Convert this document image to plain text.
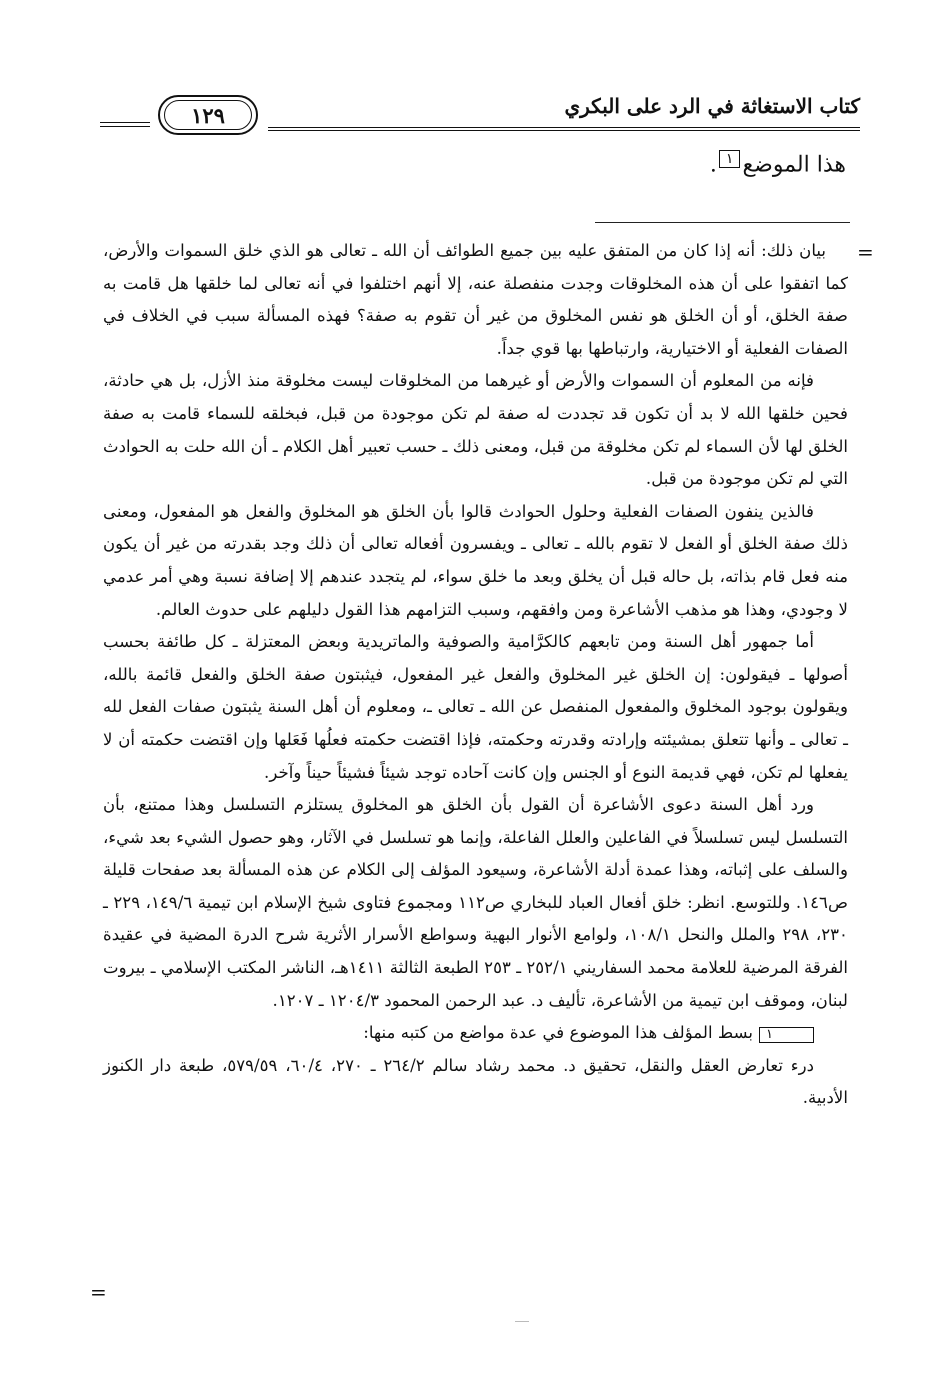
كتاب الاستغاثة في الرد على البكري
١٢٩
هذا الموضع١.
=
=

بيان ذلك: أنه إذا كان من المتفق عليه بين جميع الطوائف أن الله ـ تعالى هو الذي خلق السموات والأرض، كما اتفقوا على أن هذه المخلوقات وجدت منفصلة عنه، إلا أنهم اختلفوا في أنه تعالى لما خلقها هل قامت به صفة الخلق، أو أن الخلق هو نفس المخلوق من غير أن تقوم به صفة؟ فهذه المسألة سبب في الخلاف في الصفات الفعلية أو الاختيارية، وارتباطها بها قوي جداً.

فإنه من المعلوم أن السموات والأرض أو غيرهما من المخلوقات ليست مخلوقة منذ الأزل، بل هي حادثة، فحين خلقها الله لا بد أن تكون قد تجددت له صفة لم تكن موجودة من قبل، فبخلقه للسماء قامت به صفة الخلق لها لأن السماء لم تكن مخلوقة من قبل، ومعنى ذلك ـ حسب تعبير أهل الكلام ـ أن الله حلت به الحوادث التي لم تكن موجودة من قبل.

فالذين ينفون الصفات الفعلية وحلول الحوادث قالوا بأن الخلق هو المخلوق والفعل هو المفعول، ومعنى ذلك صفة الخلق أو الفعل لا تقوم بالله ـ تعالى ـ ويفسرون أفعاله تعالى أن ذلك وجد بقدرته من غير أن يكون منه فعل قام بذاته، بل حاله قبل أن يخلق وبعد ما خلق سواء، لم يتجدد عندهم إلا إضافة نسبة وهي أمر عدمي لا وجودي، وهذا هو مذهب الأشاعرة ومن وافقهم، وسبب التزامهم هذا القول دليلهم على حدوث العالم.

أما جمهور أهل السنة ومن تابعهم كالكرَّامية والصوفية والماتريدية وبعض المعتزلة ـ كل طائفة بحسب أصولها ـ فيقولون: إن الخلق غير المخلوق والفعل غير المفعول، فيثبتون صفة الخلق والفعل قائمة بالله، ويقولون بوجود المخلوق والمفعول المنفصل عن الله ـ تعالى ـ، ومعلوم أن أهل السنة يثبتون صفات الفعل لله ـ تعالى ـ وأنها تتعلق بمشيئته وإرادته وقدرته وحكمته، فإذا اقتضت حكمته فعلُها فَعَلها وإن اقتضت حكمته أن لا يفعلها لم تكن، فهي قديمة النوع أو الجنس وإن كانت آحاده توجد شيئاً فشيئاً حيناً وآخر.

ورد أهل السنة دعوى الأشاعرة أن القول بأن الخلق هو المخلوق يستلزم التسلسل وهذا ممتنع، بأن التسلسل ليس تسلسلاً في الفاعلين والعلل الفاعلة، وإنما هو تسلسل في الآثار، وهو حصول الشيء بعد شيء، والسلف على إثباته، وهذا عمدة أدلة الأشاعرة، وسيعود المؤلف إلى الكلام عن هذه المسألة بعد صفحات قليلة ص١٤٦. وللتوسع. انظر: خلق أفعال العباد للبخاري ص١١٢ ومجموع فتاوى شيخ الإسلام ابن تيمية ١٤٩/٦، ٢٢٩ ـ ٢٣٠، ٢٩٨ والملل والنحل ١٠٨/١، ولوامع الأنوار البهية وسواطع الأسرار الأثرية شرح الدرة المضية في عقيدة الفرقة المرضية للعلامة محمد السفاريني ٢٥٢/١ ـ ٢٥٣ الطبعة الثالثة ١٤١١هـ، الناشر المكتب الإسلامي ـ بيروت لبنان، وموقف ابن تيمية من الأشاعرة، تأليف د. عبد الرحمن المحمود ١٢٠٤/٣ ـ ١٢٠٧.

١بسط المؤلف هذا الموضوع في عدة مواضع من كتبه منها:

درء تعارض العقل والنقل، تحقيق د. محمد رشاد سالم ٢٦٤/٢ ـ ٢٧٠، ٦٠/٤، ٥٧٩/٥٩، طبعة دار الكنوز الأدبية.
